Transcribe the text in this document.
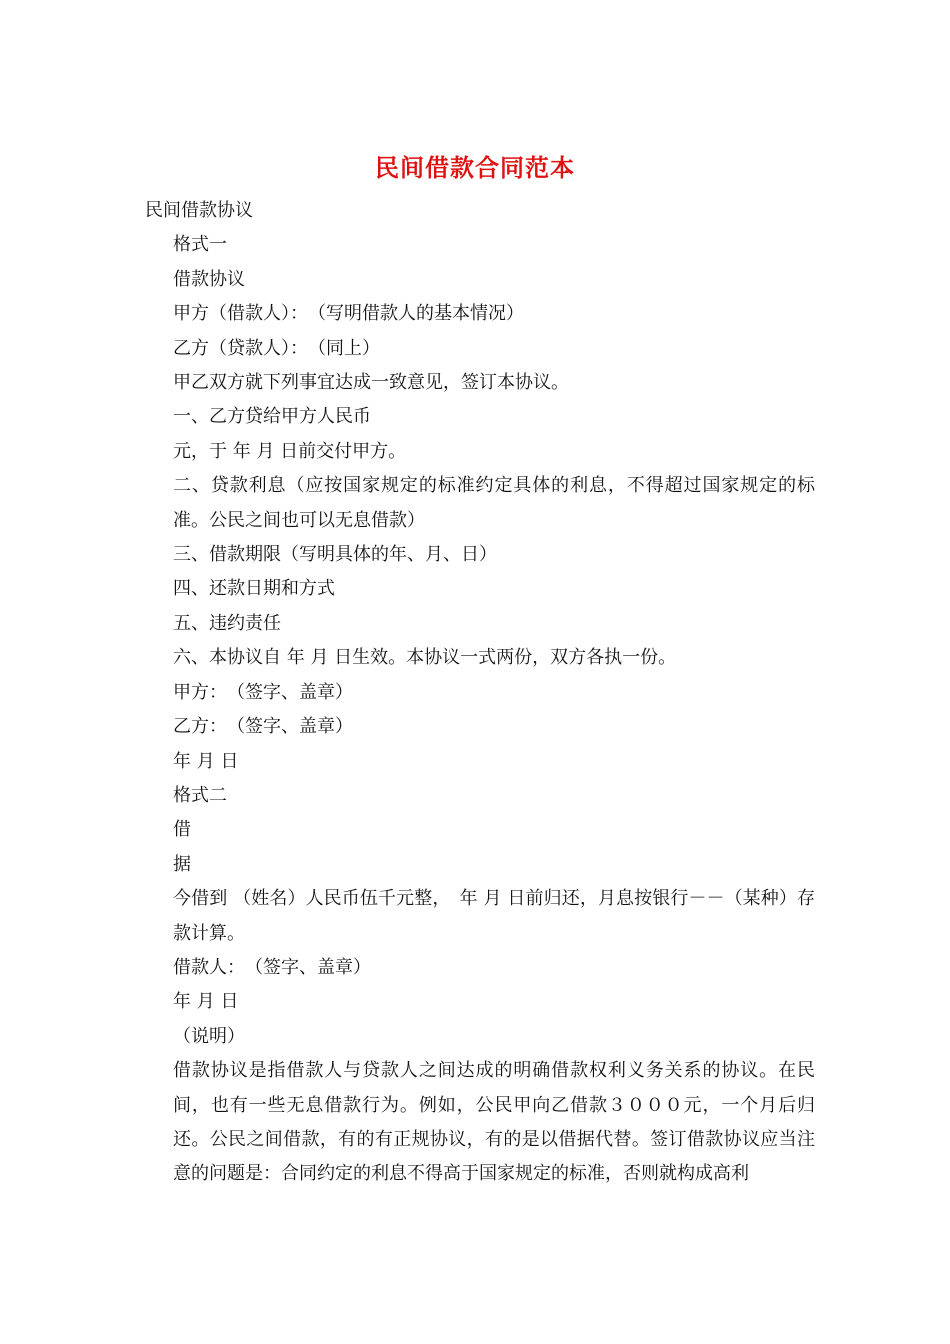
民间借款合同范本

民间借款协议

格式一

借款协议

甲方（借款人）：　（写明借款人的基本情况）

乙方（贷款人）：　（同上）

甲乙双方就下列事宜达成一致意见，签订本协议。

一、乙方贷给甲方人民币

元，于 年 月 日前交付甲方。

二、贷款利息（应按国家规定的标准约定具体的利息，不得超过国家规定的标准。公民之间也可以无息借款）

三、借款期限（写明具体的年、月、日）

四、还款日期和方式

五、违约责任

六、本协议自 年 月 日生效。本协议一式两份，双方各执一份。

甲方：　（签字、盖章）

乙方：　（签字、盖章）

年 月 日

格式二

借

据

今借到 （姓名）人民币伍千元整，　年 月 日前归还，月息按银行－－（某种）存款计算。

借款人：　（签字、盖章）

年 月 日

（说明）

借款协议是指借款人与贷款人之间达成的明确借款权利义务关系的协议。在民间，也有一些无息借款行为。例如，公民甲向乙借款３０００元，一个月后归还。公民之间借款，有的有正规协议，有的是以借据代替。签订借款协议应当注意的问题是：合同约定的利息不得高于国家规定的标准，否则就构成高利
